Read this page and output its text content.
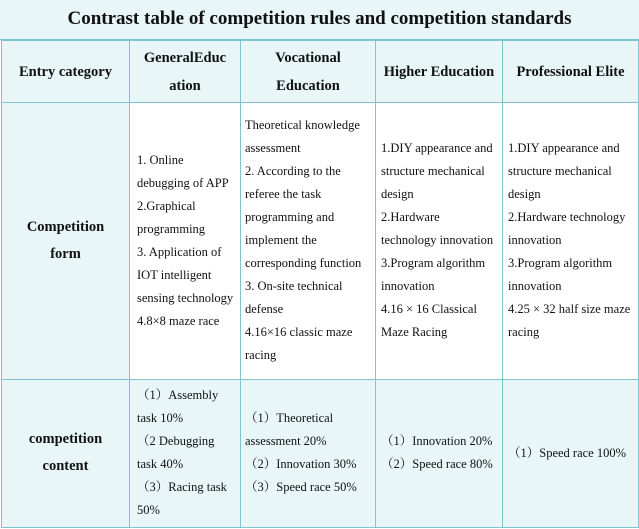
Contrast table of competition rules and competition standards
Entry category	GeneralEduc ation	Vocational Education	Higher Education	Professional Elite

Competition form	1. Online debugging of APP
2.Graphical programming
3. Application of IOT intelligent sensing technology
4.8×8 maze race	Theoretical knowledge assessment
2. According to the referee the task programming and implement the corresponding function
3. On-site technical defense
4.16×16 classic maze racing	1.DIY appearance and structure mechanical design
2.Hardware technology innovation
3.Program algorithm innovation
4.16 × 16 Classical Maze Racing	1.DIY appearance and structure mechanical design
2.Hardware technology innovation
3.Program algorithm innovation
4.25 × 32 half size maze racing

competition content	（1）Assembly task 10%
（2 Debugging task 40%
（3）Racing task 50%	（1）Theoretical assessment 20%
（2）Innovation 30%
（3）Speed race 50%	（1）Innovation 20%
（2）Speed race 80%	（1）Speed race 100%
